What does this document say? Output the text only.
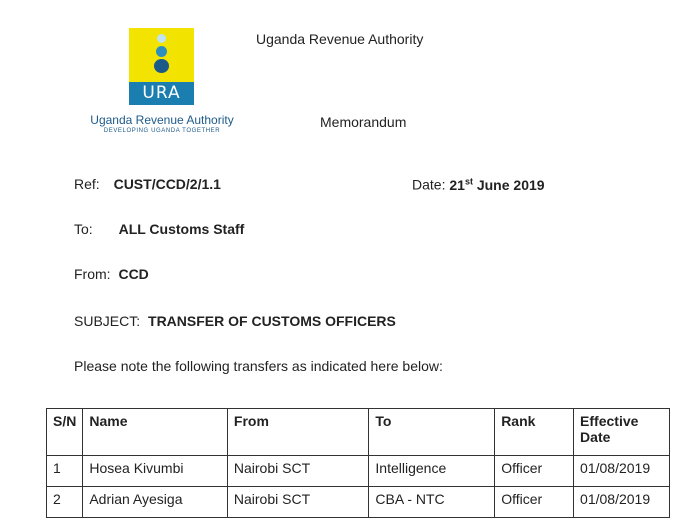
URA
Uganda Revenue Authority
DEVELOPING UGANDA TOGETHER
Uganda Revenue Authority
Memorandum
Ref: CUST/CCD/2/1.1	Date: 21st June 2019
To: ALL Customs Staff
From: CCD
SUBJECT: TRANSFER OF CUSTOMS OFFICERS
Please note the following transfers as indicated here below:
S/N	Name	From	To	Rank	Effective Date
1	Hosea Kivumbi	Nairobi SCT	Intelligence	Officer	01/08/2019
2	Adrian Ayesiga	Nairobi SCT	CBA - NTC	Officer	01/08/2019
